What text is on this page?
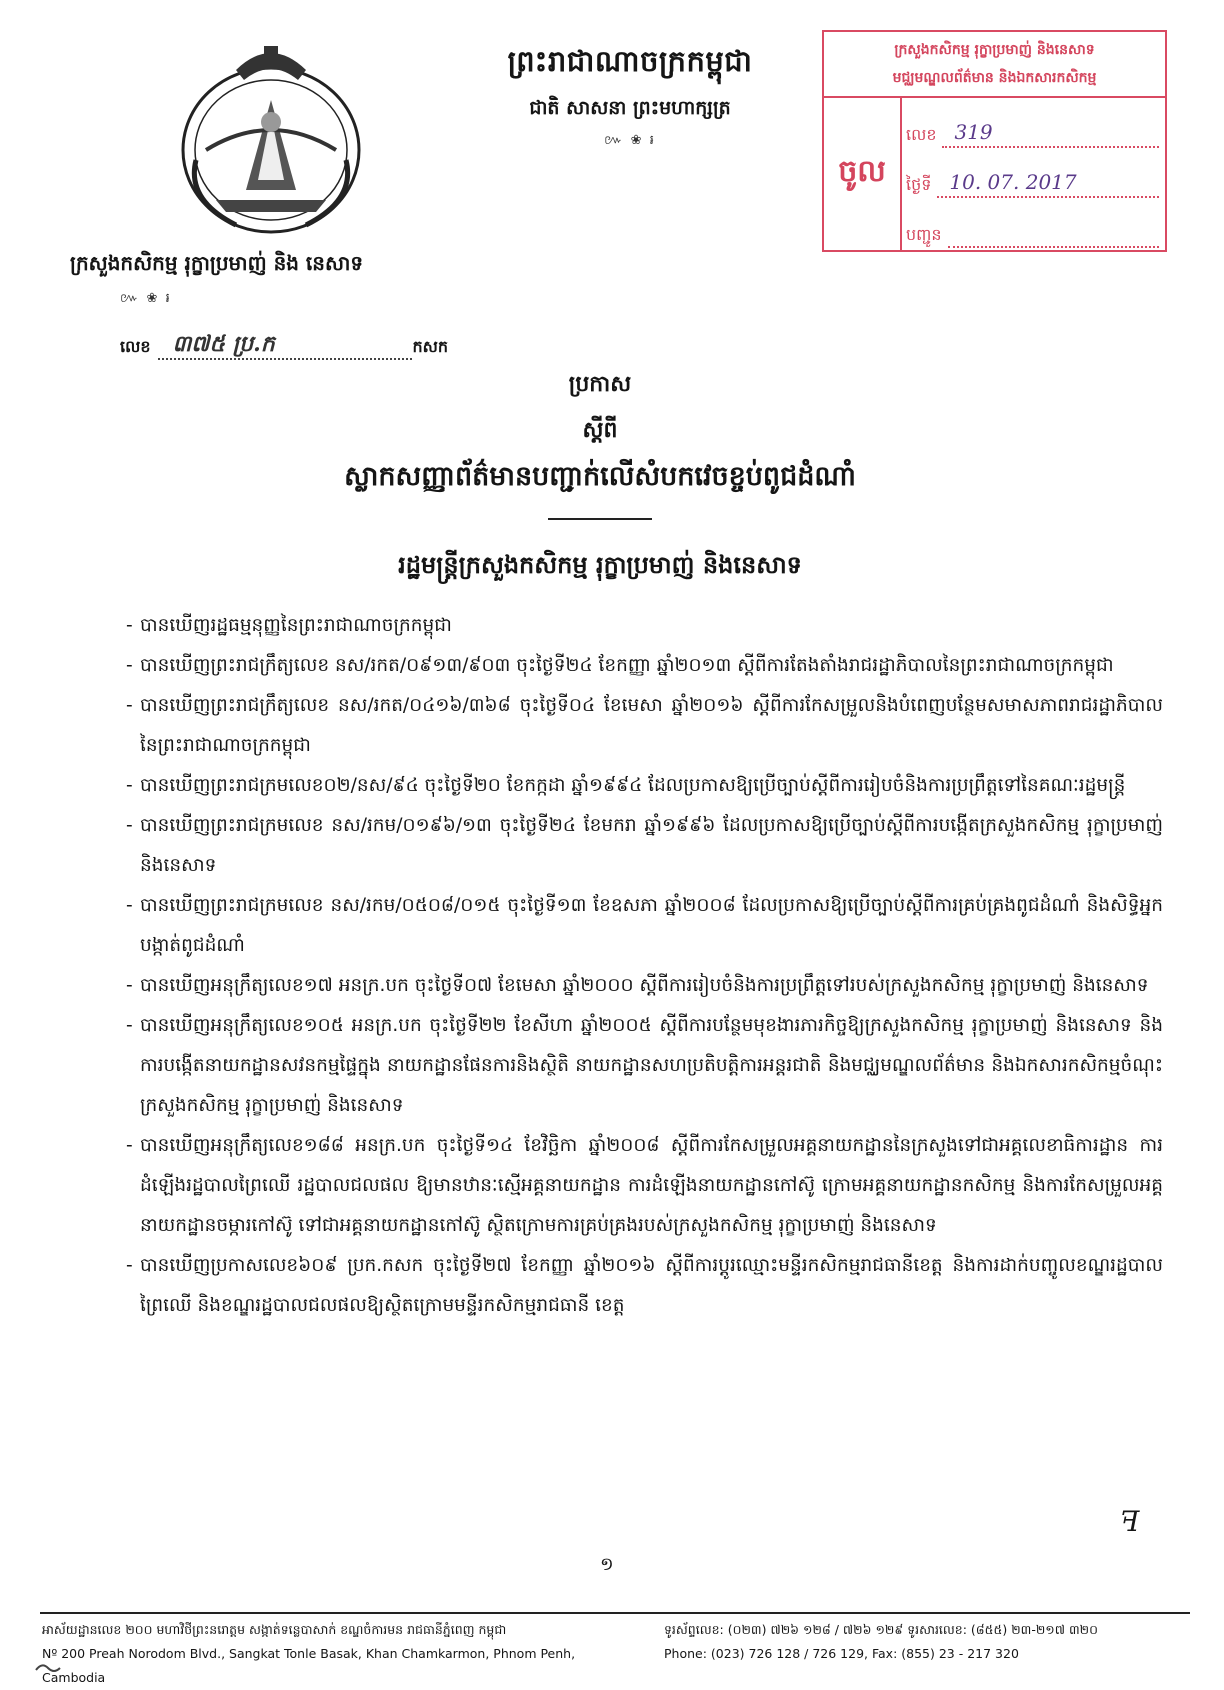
ព្រះរាជាណាចក្រកម្ពុជា
ជាតិ សាសនា ព្រះមហាក្សត្រ
៚ ❀ ៛
ក្រសួងកសិកម្ម រុក្ខាប្រមាញ់ និងនេសាទ
មជ្ឈមណ្ឌលព័ត៌មាន និងឯកសារកសិកម្ម
ចូល
លេខ 319
ថ្ងៃទី 10. 07. 2017
បញ្ជូន
ក្រសួងកសិកម្ម រុក្ខាប្រមាញ់ និង នេសាទ
៚ ❀ ៛
លេខ	៣៧៥ ប្រ.ក	កសក
ប្រកាស
ស្តីពី
ស្លាកសញ្ញាព័ត៌មានបញ្ជាក់លើសំបកវេចខ្ចប់ពូជដំណាំ
រដ្ឋមន្ត្រីក្រសួងកសិកម្ម រុក្ខាប្រមាញ់ និងនេសាទ
- បានឃើញរដ្ឋធម្មនុញ្ញនៃព្រះរាជាណាចក្រកម្ពុជា
- បានឃើញព្រះរាជក្រឹត្យលេខ នស/រកត/០៩១៣/៩០៣ ចុះថ្ងៃទី២៤ ខែកញ្ញា ឆ្នាំ២០១៣ ស្តីពីការតែងតាំងរាជរដ្ឋាភិបាលនៃព្រះរាជាណាចក្រកម្ពុជា
- បានឃើញព្រះរាជក្រឹត្យលេខ នស/រកត/០៤១៦/៣៦៨ ចុះថ្ងៃទី០៤ ខែមេសា ឆ្នាំ២០១៦ ស្តីពីការកែសម្រួលនិងបំពេញបន្ថែមសមាសភាពរាជរដ្ឋាភិបាលនៃព្រះរាជាណាចក្រកម្ពុជា
- បានឃើញព្រះរាជក្រមលេខ០២/នស/៩៤ ចុះថ្ងៃទី២០ ខែកក្កដា ឆ្នាំ១៩៩៤ ដែលប្រកាសឱ្យប្រើច្បាប់ស្តីពីការរៀបចំនិងការប្រព្រឹត្តទៅនៃគណៈរដ្ឋមន្ត្រី
- បានឃើញព្រះរាជក្រមលេខ នស/រកម/០១៩៦/១៣ ចុះថ្ងៃទី២៤ ខែមករា ឆ្នាំ១៩៩៦ ដែលប្រកាសឱ្យប្រើច្បាប់ស្តីពីការបង្កើតក្រសួងកសិកម្ម រុក្ខាប្រមាញ់ និងនេសាទ
- បានឃើញព្រះរាជក្រមលេខ នស/រកម/០៥០៨/០១៥ ចុះថ្ងៃទី១៣ ខែឧសភា ឆ្នាំ២០០៨ ដែលប្រកាសឱ្យប្រើច្បាប់ស្តីពីការគ្រប់គ្រងពូជដំណាំ និងសិទ្ធិអ្នកបង្កាត់ពូជដំណាំ
- បានឃើញអនុក្រឹត្យលេខ១៧ អនក្រ.បក ចុះថ្ងៃទី០៧ ខែមេសា ឆ្នាំ២០០០ ស្តីពីការរៀបចំនិងការប្រព្រឹត្តទៅរបស់ក្រសួងកសិកម្ម រុក្ខាប្រមាញ់ និងនេសាទ
- បានឃើញអនុក្រឹត្យលេខ១០៥ អនក្រ.បក ចុះថ្ងៃទី២២ ខែសីហា ឆ្នាំ២០០៥ ស្តីពីការបន្ថែមមុខងារភារកិច្ចឱ្យក្រសួងកសិកម្ម រុក្ខាប្រមាញ់ និងនេសាទ និងការបង្កើតនាយកដ្ឋានសវនកម្មផ្ទៃក្នុង នាយកដ្ឋានផែនការនិងស្ថិតិ នាយកដ្ឋានសហប្រតិបត្តិការអន្តរជាតិ និងមជ្ឈមណ្ឌលព័ត៌មាន និងឯកសារកសិកម្មចំណុះក្រសួងកសិកម្ម រុក្ខាប្រមាញ់ និងនេសាទ
- បានឃើញអនុក្រឹត្យលេខ១៨៨ អនក្រ.បក ចុះថ្ងៃទី១៤ ខែវិច្ឆិកា ឆ្នាំ២០០៨ ស្តីពីការកែសម្រួលអគ្គនាយកដ្ឋាននៃក្រសួងទៅជាអគ្គលេខាធិការដ្ឋាន ការដំឡើងរដ្ឋបាលព្រៃឈើ រដ្ឋបាលជលផល ឱ្យមានឋានៈស្មើអគ្គនាយកដ្ឋាន ការដំឡើងនាយកដ្ឋានកៅស៊ូ ក្រោមអគ្គនាយកដ្ឋានកសិកម្ម និងការកែសម្រួលអគ្គនាយកដ្ឋានចម្ការកៅស៊ូ ទៅជាអគ្គនាយកដ្ឋានកៅស៊ូ ស្ថិតក្រោមការគ្រប់គ្រងរបស់ក្រសួងកសិកម្ម រុក្ខាប្រមាញ់ និងនេសាទ
- បានឃើញប្រកាសលេខ៦០៩ ប្រក.កសក ចុះថ្ងៃទី២៧ ខែកញ្ញា ឆ្នាំ២០១៦ ស្តីពីការប្តូរឈ្មោះមន្ទីរកសិកម្មរាជធានីខេត្ត និងការដាក់បញ្ចូលខណ្ឌរដ្ឋបាលព្រៃឈើ និងខណ្ឌរដ្ឋបាលជលផលឱ្យស្ថិតក្រោមមន្ទីរកសិកម្មរាជធានី ខេត្ត
ꟻ
១
អាស័យដ្ឋានលេខ ២០០ មហាវិថីព្រះនរោត្តម សង្កាត់ទន្លេបាសាក់ ខណ្ឌចំការមន រាជធានីភ្នំពេញ កម្ពុជា
Nº 200 Preah Norodom Blvd., Sangkat Tonle Basak, Khan Chamkarmon, Phnom Penh, Cambodia
ទូរស័ព្ទលេខ: (០២៣) ៧២៦ ១២៨ / ៧២៦ ១២៩ ទូរសារលេខ: (៨៥៥) ២៣-២១៧ ៣២០
Phone: (023) 726 128 / 726 129, Fax: (855) 23 - 217 320
